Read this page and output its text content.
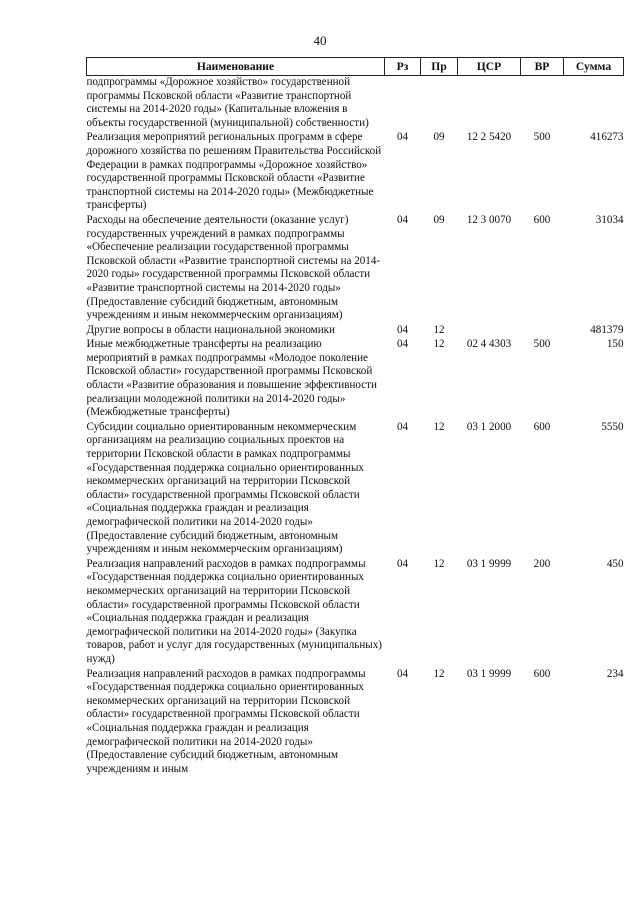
40
Наименование	Рз	Пр	ЦСР	ВР	Сумма
подпрограммы «Дорожное хозяйство» государственной программы Псковской области «Развитие транспортной системы на 2014-2020 годы» (Капитальные вложения в объекты государственной (муниципальной) собственности)					
Реализация мероприятий региональных программ в сфере дорожного хозяйства по решениям Правительства Российской Федерации в рамках подпрограммы «Дорожное хозяйство» государственной программы Псковской области «Развитие транспортной системы на 2014-2020 годы» (Межбюджетные трансферты)	04	09	12 2 5420	500	416273
Расходы на обеспечение деятельности (оказание услуг) государственных учреждений в рамках подпрограммы «Обеспечение реализации государственной программы Псковской области «Развитие транспортной системы на 2014-2020 годы» государственной программы Псковской области «Развитие транспортной системы на 2014-2020 годы» (Предоставление субсидий бюджетным, автономным учреждениям и иным некоммерческим организациям)	04	09	12 3 0070	600	31034
Другие вопросы в области национальной экономики	04	12			481379
Иные межбюджетные трансферты на реализацию мероприятий в рамках подпрограммы «Молодое поколение Псковской области» государственной программы Псковской области «Развитие образования и повышение эффективности реализации молодежной политики на 2014-2020 годы» (Межбюджетные трансферты)	04	12	02 4 4303	500	150
Субсидии социально ориентированным некоммерческим организациям на реализацию социальных проектов на территории Псковской области в рамках подпрограммы «Государственная поддержка социально ориентированных некоммерческих организаций на территории Псковской области» государственной программы Псковской области «Социальная поддержка граждан и реализация демографической политики на 2014-2020 годы» (Предоставление субсидий бюджетным, автономным учреждениям и иным некоммерческим организациям)	04	12	03 1 2000	600	5550
Реализация направлений расходов в рамках подпрограммы «Государственная поддержка социально ориентированных некоммерческих организаций на территории Псковской области» государственной программы Псковской области «Социальная поддержка граждан и реализация демографической политики на 2014-2020 годы» (Закупка товаров, работ и услуг для государственных (муниципальных) нужд)	04	12	03 1 9999	200	450
Реализация направлений расходов в рамках подпрограммы «Государственная поддержка социально ориентированных некоммерческих организаций на территории Псковской области» государственной программы Псковской области «Социальная поддержка граждан и реализация демографической политики на 2014-2020 годы» (Предоставление субсидий бюджетным, автономным учреждениям и иным	04	12	03 1 9999	600	234
